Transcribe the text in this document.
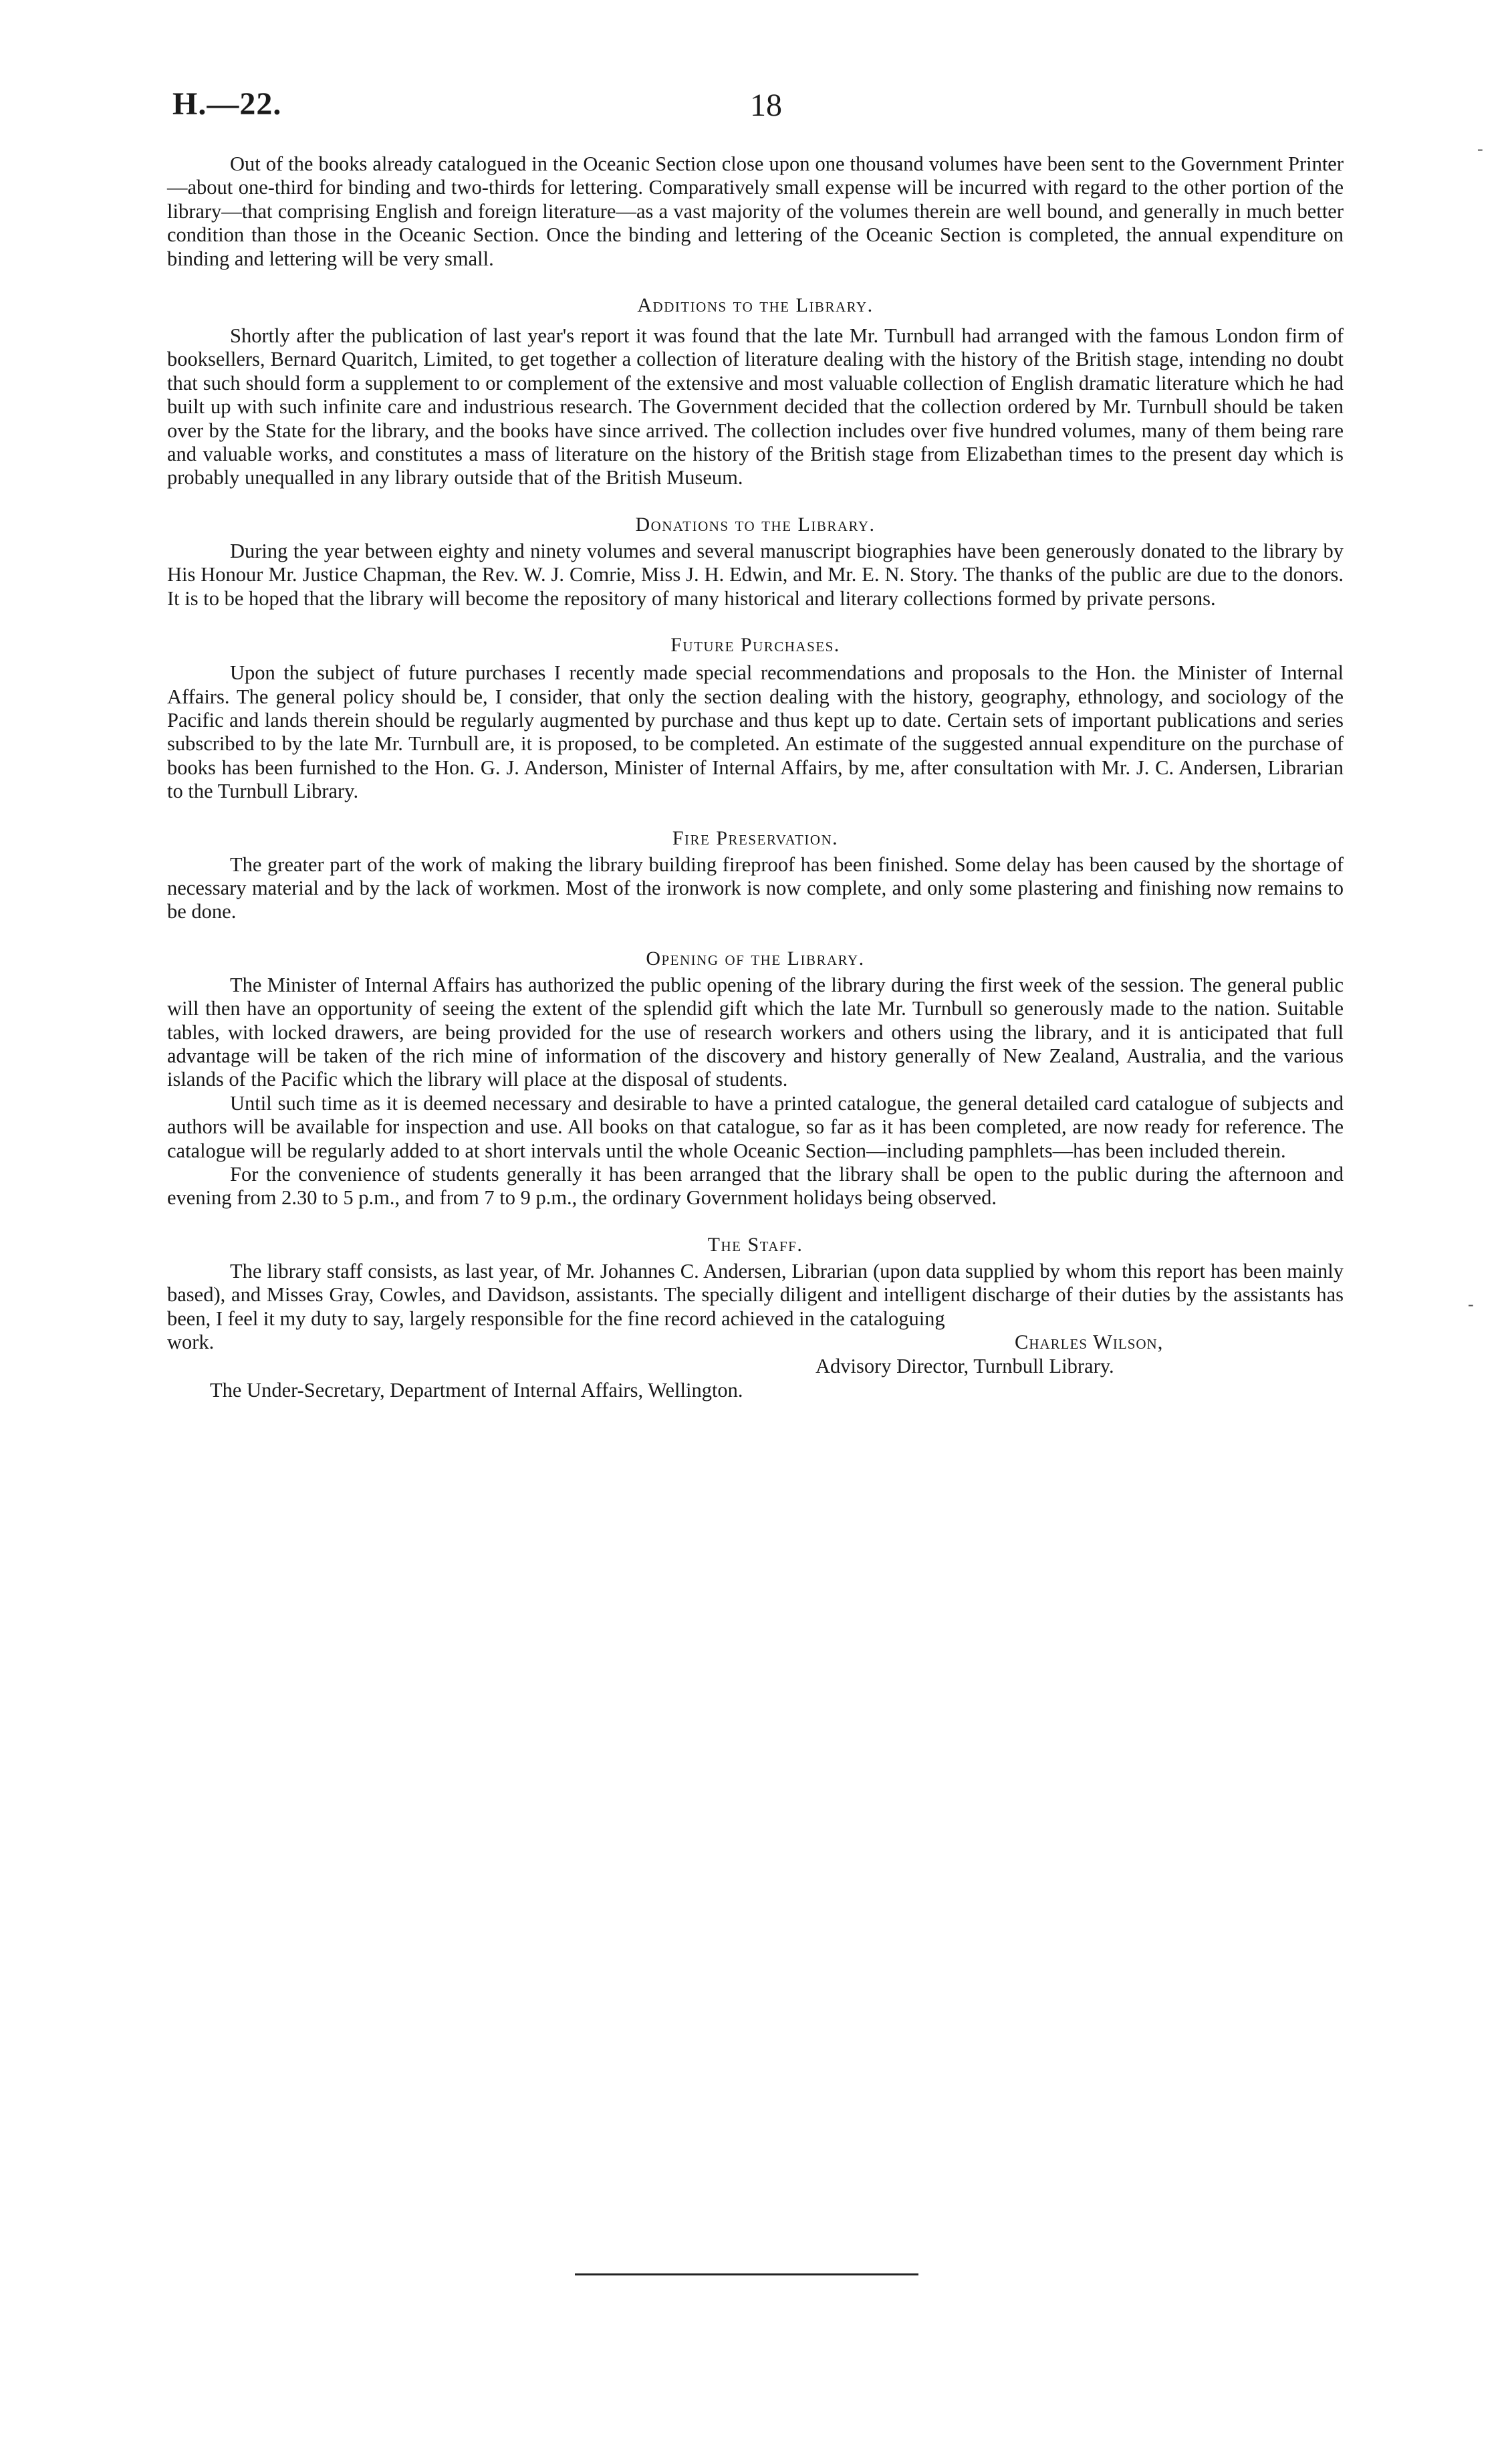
H.—22.	18
-
-

Out of the books already catalogued in the Oceanic Section close upon one thousand volumes have been sent to the Government Printer—about one-third for binding and two-thirds for lettering. Comparatively small expense will be incurred with regard to the other portion of the library—that comprising English and foreign literature—as a vast majority of the volumes therein are well bound, and generally in much better condition than those in the Oceanic Section. Once the binding and lettering of the Oceanic Section is completed, the annual expenditure on binding and lettering will be very small.

Additions to the Library.

Shortly after the publication of last year's report it was found that the late Mr. Turnbull had arranged with the famous London firm of booksellers, Bernard Quaritch, Limited, to get together a collection of literature dealing with the history of the British stage, intending no doubt that such should form a supplement to or complement of the extensive and most valuable collection of English dramatic literature which he had built up with such infinite care and industrious research. The Government decided that the collection ordered by Mr. Turnbull should be taken over by the State for the library, and the books have since arrived. The collection includes over five hundred volumes, many of them being rare and valuable works, and constitutes a mass of literature on the history of the British stage from Elizabethan times to the present day which is probably unequalled in any library outside that of the British Museum.

Donations to the Library.

During the year between eighty and ninety volumes and several manuscript biographies have been generously donated to the library by His Honour Mr. Justice Chapman, the Rev. W. J. Comrie, Miss J. H. Edwin, and Mr. E. N. Story. The thanks of the public are due to the donors. It is to be hoped that the library will become the repository of many historical and literary collections formed by private persons.

Future Purchases.

Upon the subject of future purchases I recently made special recommendations and proposals to the Hon. the Minister of Internal Affairs. The general policy should be, I consider, that only the section dealing with the history, geography, ethnology, and sociology of the Pacific and lands therein should be regularly augmented by purchase and thus kept up to date. Certain sets of important publications and series subscribed to by the late Mr. Turnbull are, it is proposed, to be completed. An estimate of the suggested annual expenditure on the purchase of books has been furnished to the Hon. G. J. Anderson, Minister of Internal Affairs, by me, after consultation with Mr. J. C. Andersen, Librarian to the Turnbull Library.

Fire Preservation.

The greater part of the work of making the library building fireproof has been finished. Some delay has been caused by the shortage of necessary material and by the lack of workmen. Most of the ironwork is now complete, and only some plastering and finishing now remains to be done.

Opening of the Library.

The Minister of Internal Affairs has authorized the public opening of the library during the first week of the session. The general public will then have an opportunity of seeing the extent of the splendid gift which the late Mr. Turnbull so generously made to the nation. Suitable tables, with locked drawers, are being provided for the use of research workers and others using the library, and it is anticipated that full advantage will be taken of the rich mine of information of the discovery and history generally of New Zealand, Australia, and the various islands of the Pacific which the library will place at the disposal of students.

Until such time as it is deemed necessary and desirable to have a printed catalogue, the general detailed card catalogue of subjects and authors will be available for inspection and use. All books on that catalogue, so far as it has been completed, are now ready for reference. The catalogue will be regularly added to at short intervals until the whole Oceanic Section—including pamphlets—has been included therein.

For the convenience of students generally it has been arranged that the library shall be open to the public during the afternoon and evening from 2.30 to 5 p.m., and from 7 to 9 p.m., the ordinary Government holidays being observed.

The Staff.

The library staff consists, as last year, of Mr. Johannes C. Andersen, Librarian (upon data supplied by whom this report has been mainly based), and Misses Gray, Cowles, and Davidson, assistants. The specially diligent and intelligent discharge of their duties by the assistants has been, I feel it my duty to say, largely responsible for the fine record achieved in the cataloguing

work.	Charles Wilson,
Advisory Director, Turnbull Library.
The Under-Secretary, Department of Internal Affairs, Wellington.
